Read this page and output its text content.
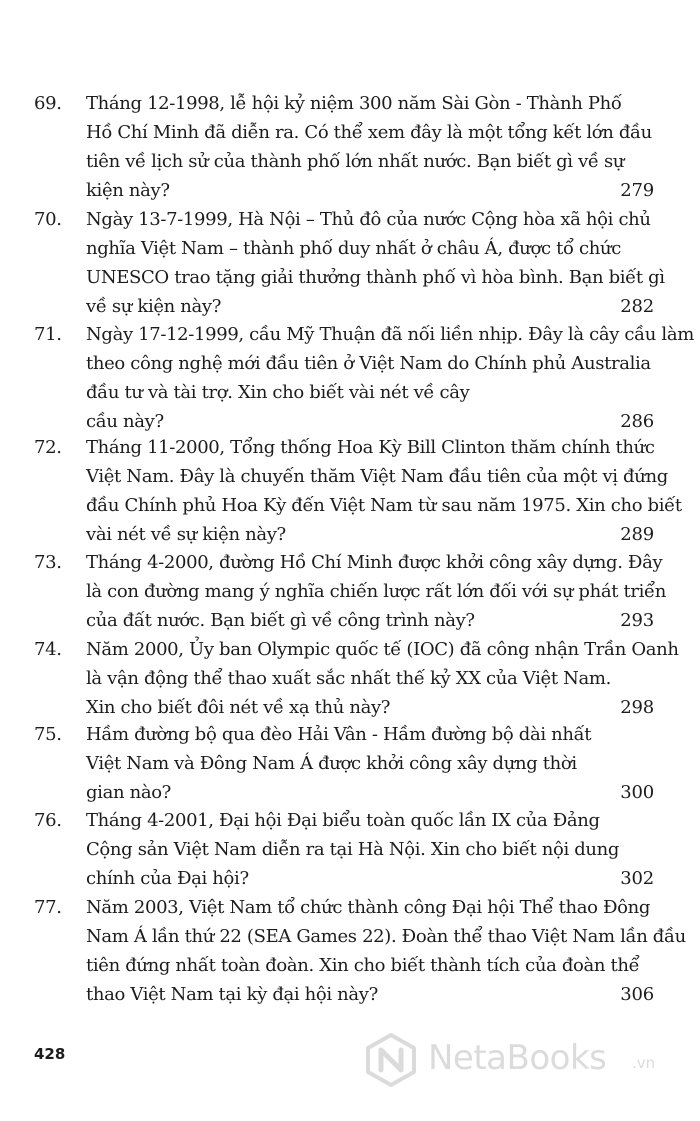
69. Tháng 12-1998, lễ hội kỷ niệm 300 năm Sài Gòn - Thành Phố
Hồ Chí Minh đã diễn ra. Có thể xem đây là một tổng kết lớn đầu
tiên về lịch sử của thành phố lớn nhất nước. Bạn biết gì về sự
kiện này?	279
70. Ngày 13-7-1999, Hà Nội – Thủ đô của nước Cộng hòa xã hội chủ
nghĩa Việt Nam – thành phố duy nhất ở châu Á, được tổ chức
UNESCO trao tặng giải thưởng thành phố vì hòa bình. Bạn biết gì
về sự kiện này?	282
71. Ngày 17-12-1999, cầu Mỹ Thuận đã nối liền nhịp. Đây là cây cầu làm
theo công nghệ mới đầu tiên ở Việt Nam do Chính phủ Australia
đầu tư và tài trợ. Xin cho biết vài nét về cây
cầu này?	286
72. Tháng 11-2000, Tổng thống Hoa Kỳ Bill Clinton thăm chính thức
Việt Nam. Đây là chuyến thăm Việt Nam đầu tiên của một vị đứng
đầu Chính phủ Hoa Kỳ đến Việt Nam từ sau năm 1975. Xin cho biết
vài nét về sự kiện này?	289
73. Tháng 4-2000, đường Hồ Chí Minh được khởi công xây dựng. Đây
là con đường mang ý nghĩa chiến lược rất lớn đối với sự phát triển
của đất nước. Bạn biết gì về công trình này?	293
74. Năm 2000, Ủy ban Olympic quốc tế (IOC) đã công nhận Trần Oanh
là vận động thể thao xuất sắc nhất thế kỷ XX của Việt Nam.
Xin cho biết đôi nét về xạ thủ này?	298
75. Hầm đường bộ qua đèo Hải Vân - Hầm đường bộ dài nhất
Việt Nam và Đông Nam Á được khởi công xây dựng thời
gian nào?	300
76. Tháng 4-2001, Đại hội Đại biểu toàn quốc lần IX của Đảng
Cộng sản Việt Nam diễn ra tại Hà Nội. Xin cho biết nội dung
chính của Đại hội?	302
77. Năm 2003, Việt Nam tổ chức thành công Đại hội Thể thao Đông
Nam Á lần thứ 22 (SEA Games 22). Đoàn thể thao Việt Nam lần đầu
tiên đứng nhất toàn đoàn. Xin cho biết thành tích của đoàn thể
thao Việt Nam tại kỳ đại hội này?	306
428	NetaBooks .vn
